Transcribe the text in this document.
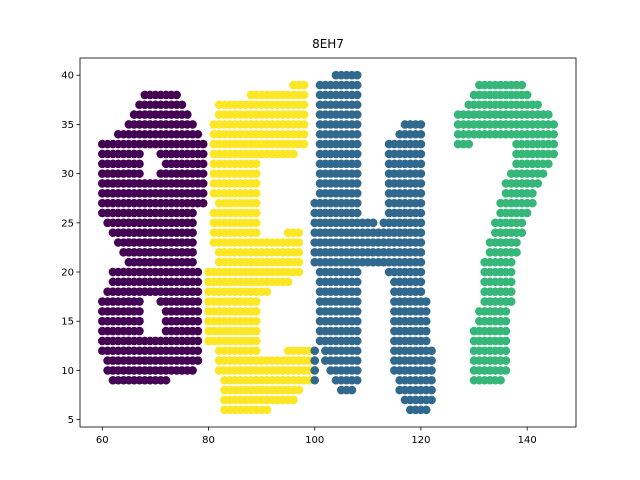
8EH7
60	80	100	120	140
5
10
15
20
25
30
35
40
